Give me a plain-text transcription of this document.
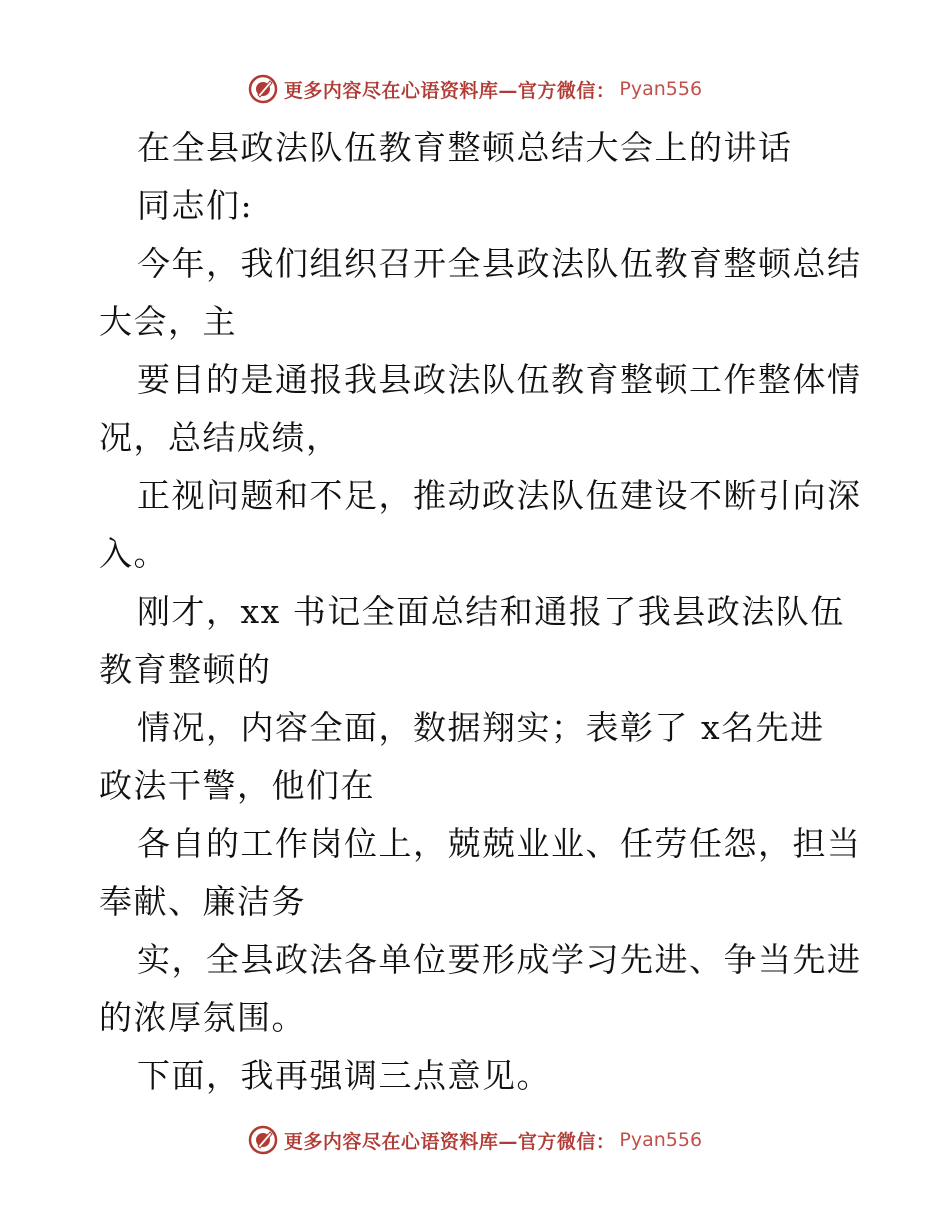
更多内容尽在心语资料库—官方微信： Pyan556
在全县政法队伍教育整顿总结大会上的讲话
同志们:
今年，我们组织召开全县政法队伍教育整顿总结
大会，主
要目的是通报我县政法队伍教育整顿工作整体情
况，总结成绩，
正视问题和不足，推动政法队伍建设不断引向深
入。
刚才，xx 书记全面总结和通报了我县政法队伍
教育整顿的
情况，内容全面，数据翔实；表彰了 x名先进
政法干警，他们在
各自的工作岗位上，兢兢业业、任劳任怨，担当
奉献、廉洁务
实，全县政法各单位要形成学习先进、争当先进
的浓厚氛围。
下面，我再强调三点意见。
更多内容尽在心语资料库—官方微信： Pyan556
